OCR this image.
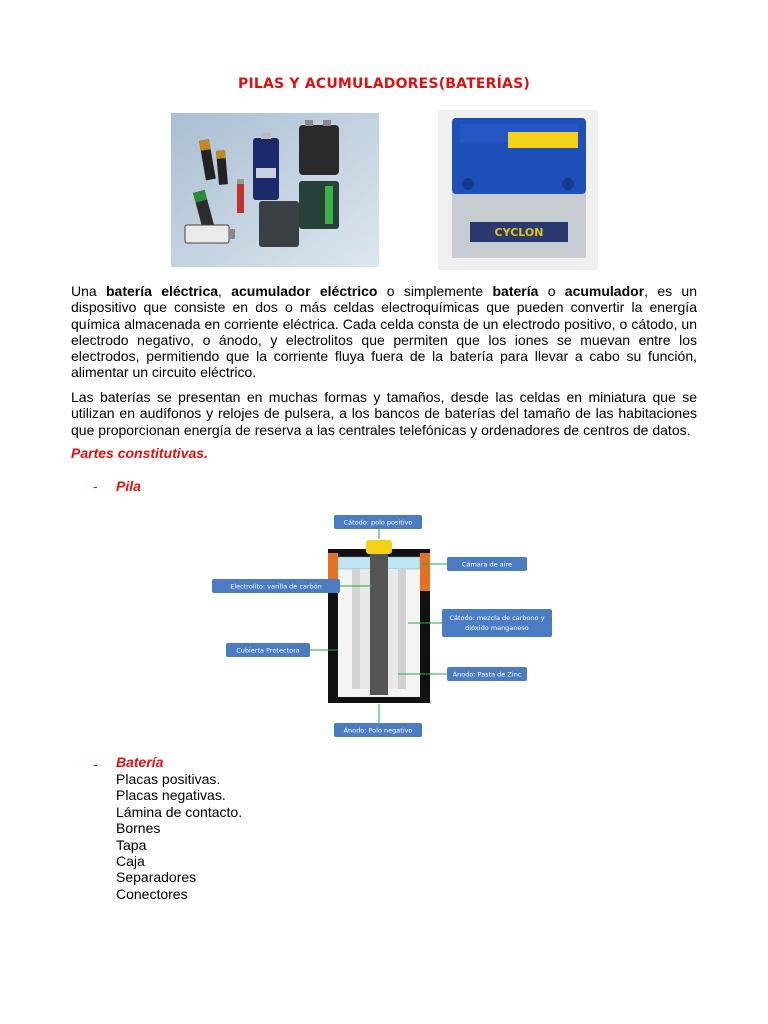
PILAS Y ACUMULADORES(BATERÍAS)
CYCLON

Una batería eléctrica, acumulador eléctrico o simplemente batería o acumulador, es un dispositivo que consiste en dos o más celdas electroquímicas que pueden convertir la energía química almacenada en corriente eléctrica. Cada celda consta de un electrodo positivo, o cátodo, un electrodo negativo, o ánodo, y electrolitos que permiten que los iones se muevan entre los electrodos, permitiendo que la corriente fluya fuera de la batería para llevar a cabo su función, alimentar un circuito eléctrico.

Las baterías se presentan en muchas formas y tamaños, desde las celdas en miniatura que se utilizan en audífonos y relojes de pulsera, a los bancos de baterías del tamaño de las habitaciones que proporcionan energía de reserva a las centrales telefónicas y ordenadores de centros de datos.

Partes constitutivas.
- Pila
Cátodo: polo positivo
Cámara de aire
Electrolito: varilla de carbón
Cátodo: mezcla de carbono y
dióxido manganeso
Cubierta Protectora
Ánodo: Pasta de Zinc
Ánodo: Polo negativo
- Batería
Placas positivas.
Placas negativas.
Lámina de contacto.
Bornes
Tapa
Caja
Separadores
Conectores
